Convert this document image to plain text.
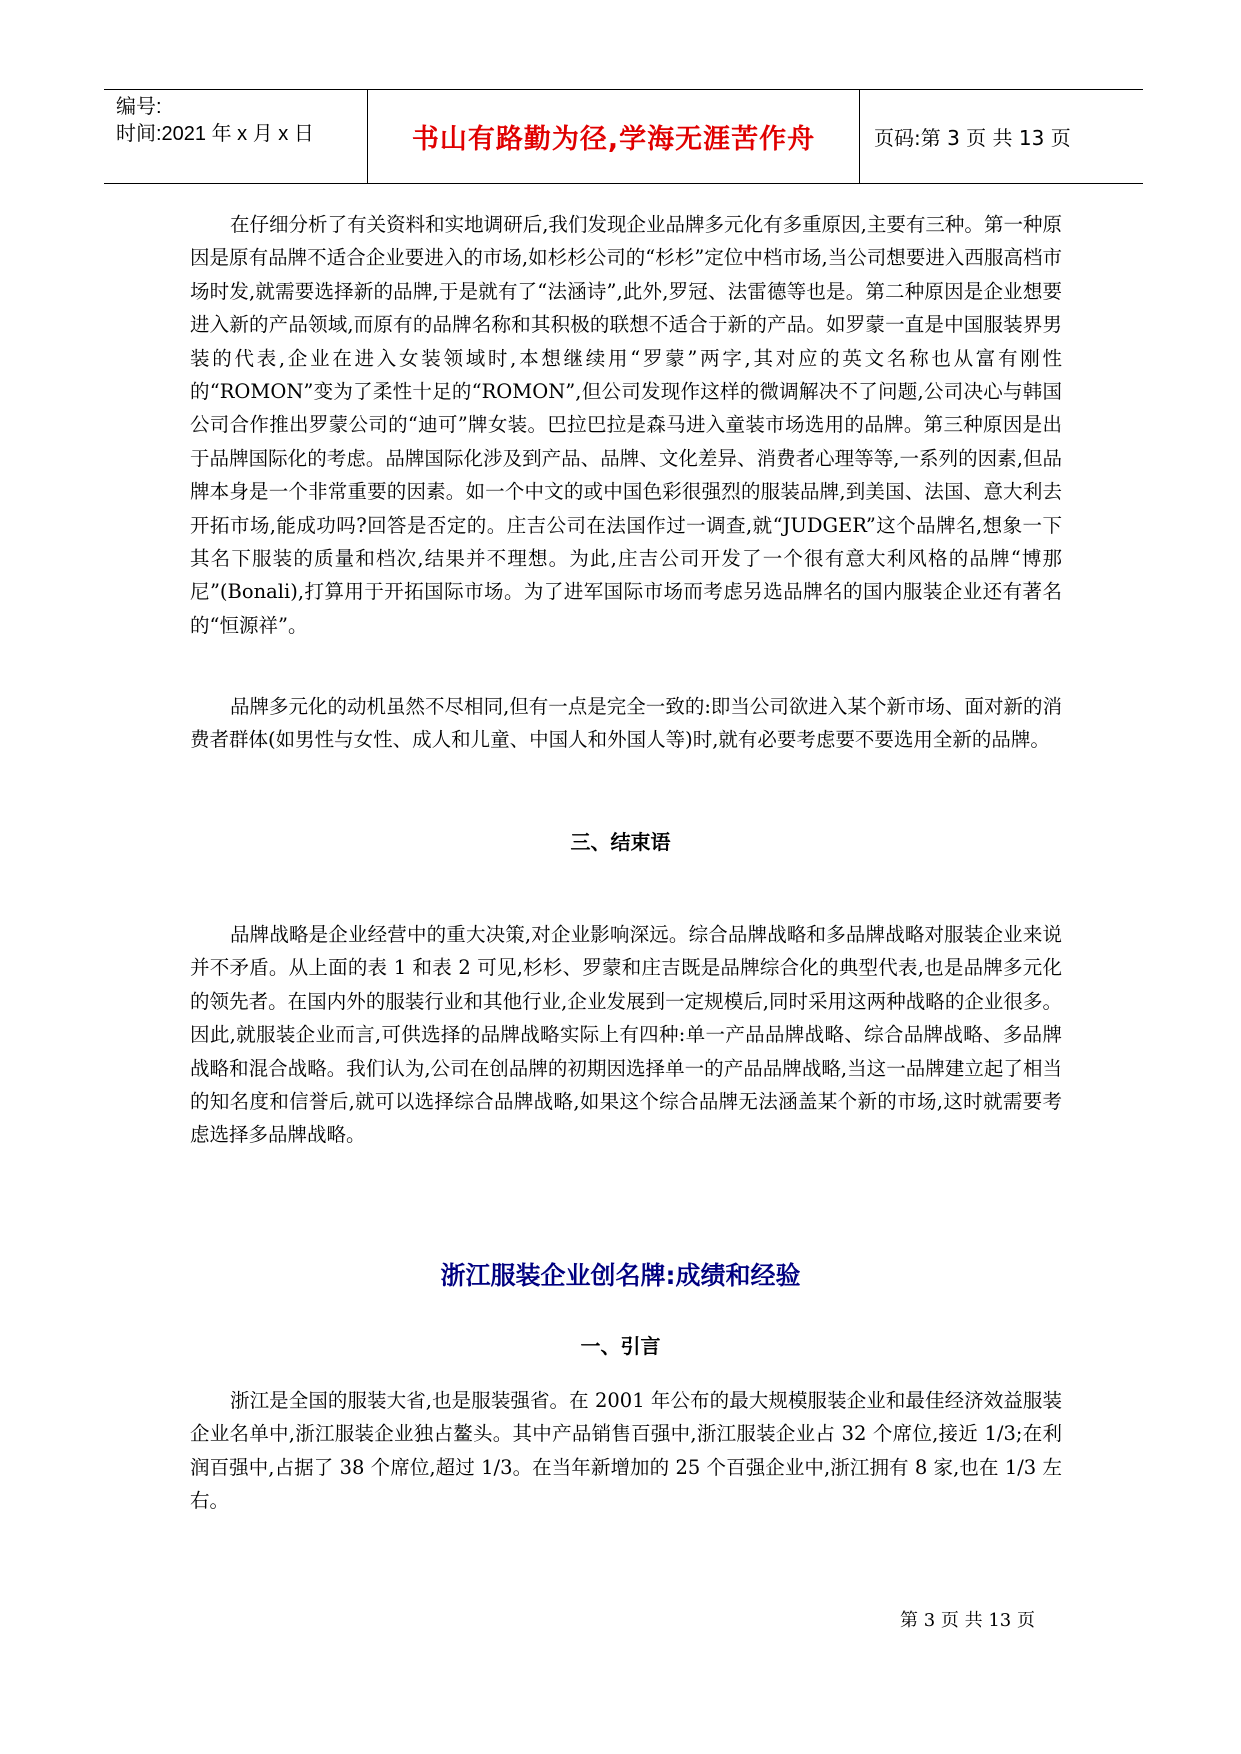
编号:
时间:2021 年 x 月 x 日	书山有路勤为径,学海无涯苦作舟	页码:第 3 页 共 13 页
在仔细分析了有关资料和实地调研后,我们发现企业品牌多元化有多重原因,主要有三种。第一种原因是原有品牌不适合企业要进入的市场,如杉杉公司的“杉杉”定位中档市场,当公司想要进入西服高档市场时发,就需要选择新的品牌,于是就有了“法涵诗”,此外,罗冠、法雷德等也是。第二种原因是企业想要进入新的产品领域,而原有的品牌名称和其积极的联想不适合于新的产品。如罗蒙一直是中国服装界男装的代表,企业在进入女装领域时,本想继续用“罗蒙”两字,其对应的英文名称也从富有刚性的“ROMON”变为了柔性十足的“ROMON”,但公司发现作这样的微调解决不了问题,公司决心与韩国公司合作推出罗蒙公司的“迪可”牌女装。巴拉巴拉是森马进入童装市场选用的品牌。第三种原因是出于品牌国际化的考虑。品牌国际化涉及到产品、品牌、文化差异、消费者心理等等,一系列的因素,但品牌本身是一个非常重要的因素。如一个中文的或中国色彩很强烈的服装品牌,到美国、法国、意大利去开拓市场,能成功吗?回答是否定的。庄吉公司在法国作过一调查,就“JUDGER”这个品牌名,想象一下其名下服装的质量和档次,结果并不理想。为此,庄吉公司开发了一个很有意大利风格的品牌“博那尼”(Bonali),打算用于开拓国际市场。为了进军国际市场而考虑另选品牌名的国内服装企业还有著名的“恒源祥”。
品牌多元化的动机虽然不尽相同,但有一点是完全一致的:即当公司欲进入某个新市场、面对新的消费者群体(如男性与女性、成人和儿童、中国人和外国人等)时,就有必要考虑要不要选用全新的品牌。
三、结束语
品牌战略是企业经营中的重大决策,对企业影响深远。综合品牌战略和多品牌战略对服装企业来说并不矛盾。从上面的表 1 和表 2 可见,杉杉、罗蒙和庄吉既是品牌综合化的典型代表,也是品牌多元化的领先者。在国内外的服装行业和其他行业,企业发展到一定规模后,同时采用这两种战略的企业很多。因此,就服装企业而言,可供选择的品牌战略实际上有四种:单一产品品牌战略、综合品牌战略、多品牌战略和混合战略。我们认为,公司在创品牌的初期因选择单一的产品品牌战略,当这一品牌建立起了相当的知名度和信誉后,就可以选择综合品牌战略,如果这个综合品牌无法涵盖某个新的市场,这时就需要考虑选择多品牌战略。
浙江服装企业创名牌:成绩和经验
一、引言
浙江是全国的服装大省,也是服装强省。在 2001 年公布的最大规模服装企业和最佳经济效益服装企业名单中,浙江服装企业独占鳌头。其中产品销售百强中,浙江服装企业占 32 个席位,接近 1/3;在利润百强中,占据了 38 个席位,超过 1/3。在当年新增加的 25 个百强企业中,浙江拥有 8 家,也在 1/3 左右。
第 3 页 共 13 页
